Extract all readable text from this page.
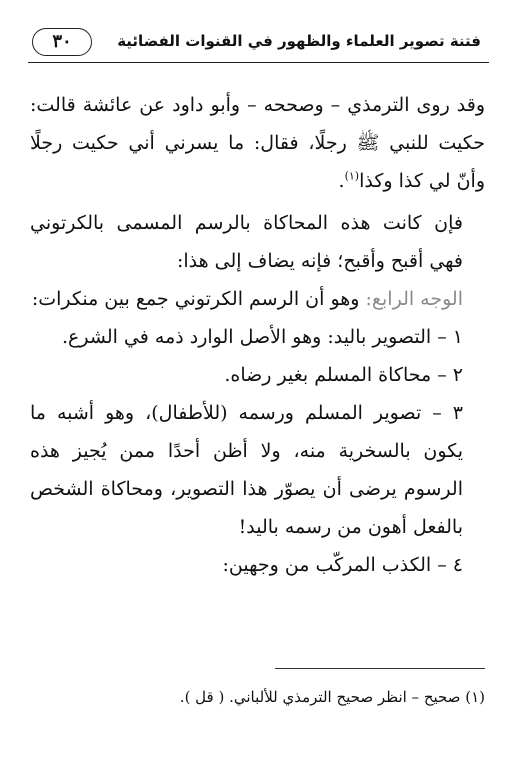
فتنة تصوير العلماء والظهور في القنوات الفضائية
٣٠

وقد روى الترمذي – وصححه – وأبو داود عن عائشة قالت: حكيت للنبي ﷺ رجلًا، فقال: ما يسرني أني حكيت رجلًا وأنّ لي كذا وكذا$^{(١)}$.

فإن كانت هذه المحاكاة بالرسم المسمى بالكرتوني فهي أقبح وأقبح؛ فإنه يضاف إلى هذا:

الوجه الرابع: وهو أن الرسم الكرتوني جمع بين منكرات:

١ – التصوير باليد: وهو الأصل الوارد ذمه في الشرع.

٢ – محاكاة المسلم بغير رضاه.

٣ – تصوير المسلم ورسمه (للأطفال)، وهو أشبه ما يكون بالسخرية منه، ولا أظن أحدًا ممن يُجيز هذه الرسوم يرضى أن يصوّر هذا التصوير، ومحاكاة الشخص بالفعل أهون من رسمه باليد!

٤ – الكذب المركّب من وجهين:

(١) صحيح – انظر صحيح الترمذي للألباني. ( قل ).
